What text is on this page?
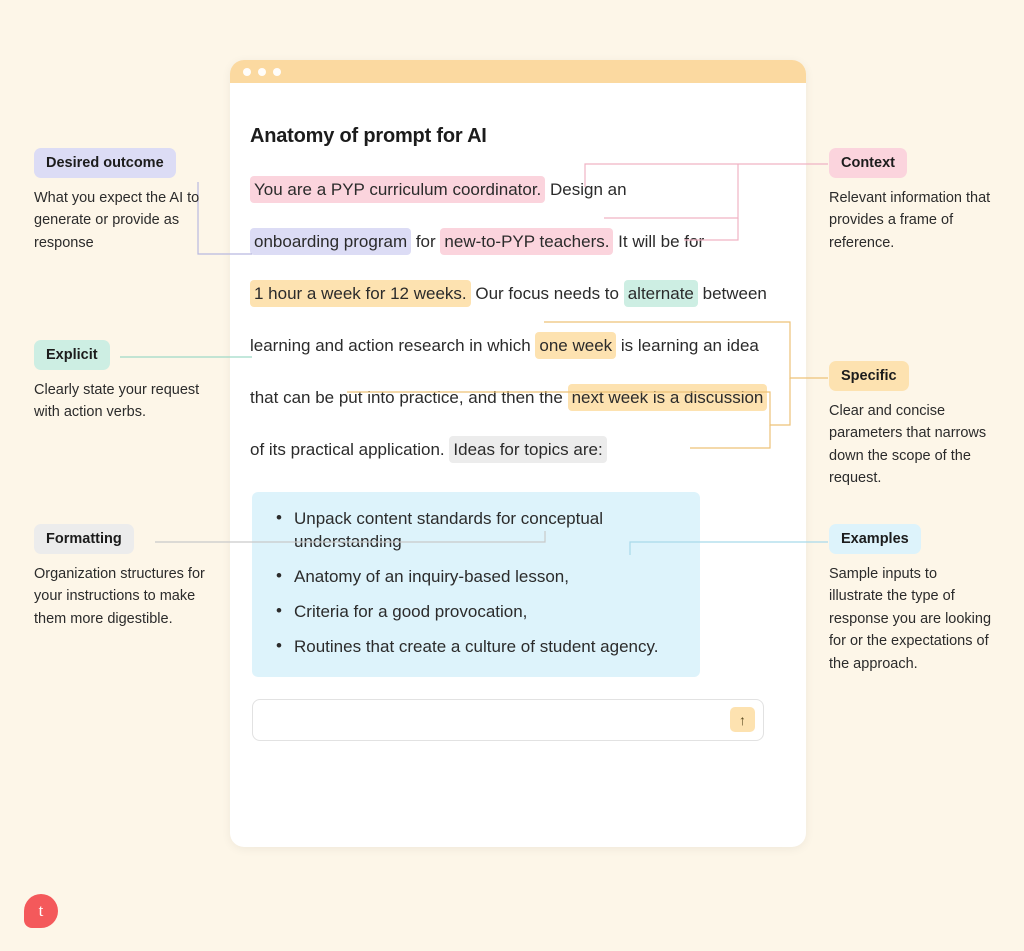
Anatomy of prompt for AI
You are a PYP curriculum coordinator. Design an onboarding program for new-to-PYP teachers. It will be for 1 hour a week for 12 weeks. Our focus needs to alternate between learning and action research in which one week is learning an idea that can be put into practice, and then the next week is a discussion of its practical application. Ideas for topics are:
• Unpack content standards for conceptual understanding
• Anatomy of an inquiry-based lesson,
• Criteria for a good provocation,
• Routines that create a culture of student agency.
↑
Desired outcome
What you expect the AI to generate or provide as response
Context
Relevant information that provides a frame of reference.
Explicit
Clearly state your request with action verbs.
Specific
Clear and concise parameters that narrows down the scope of the request.
Formatting
Organization structures for your instructions to make them more digestible.
Examples
Sample inputs to illustrate the type of response you are looking for or the expectations of the approach.
t
